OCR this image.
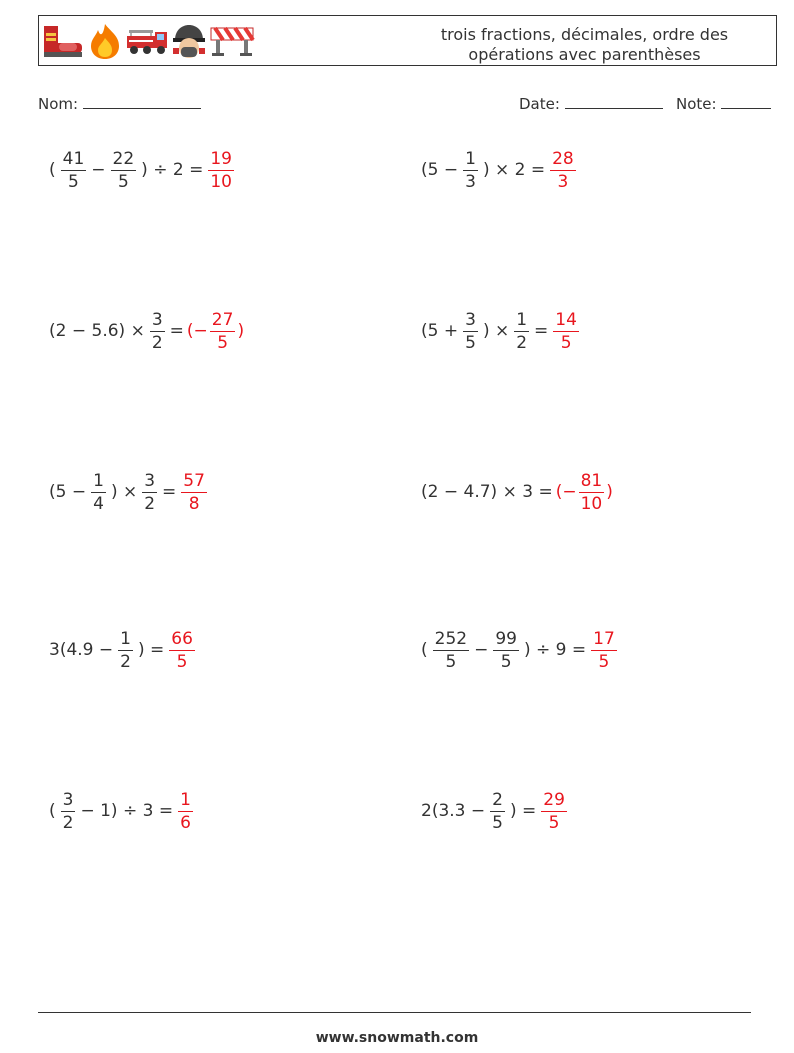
trois fractions, décimales, ordre des
opérations avec parenthèses
Nom:	Date:	Note:
( $\frac{41}{5} - \frac{22}{5}$ ) ÷ $2 = \frac{19}{10}$	($5 - \frac{1}{3}$ ) × $2 = \frac{28}{3}$
$(2 - 5.6) \times \frac{3}{2}$ = (− $\frac{27}{5}$ )	($5 + \frac{3}{5}$ ) × $\frac{1}{2} = \frac{14}{5}$
($5 - \frac{1}{4}$ ) × $\frac{3}{2} = \frac{57}{8}$	(2 − 4.7) × 3 = (− $\frac{81}{10}$ )
$3(4.9 - \frac{1}{2}$ ) = $\frac{66}{5}$	( $\frac{252}{5} - \frac{99}{5}$ ) ÷ $9 = \frac{17}{5}$
( $\frac{3}{2} - 1) \div 3 = \frac{1}{6}$	$2(3.3 - \frac{2}{5}$ ) = $\frac{29}{5}$
www.snowmath.com
